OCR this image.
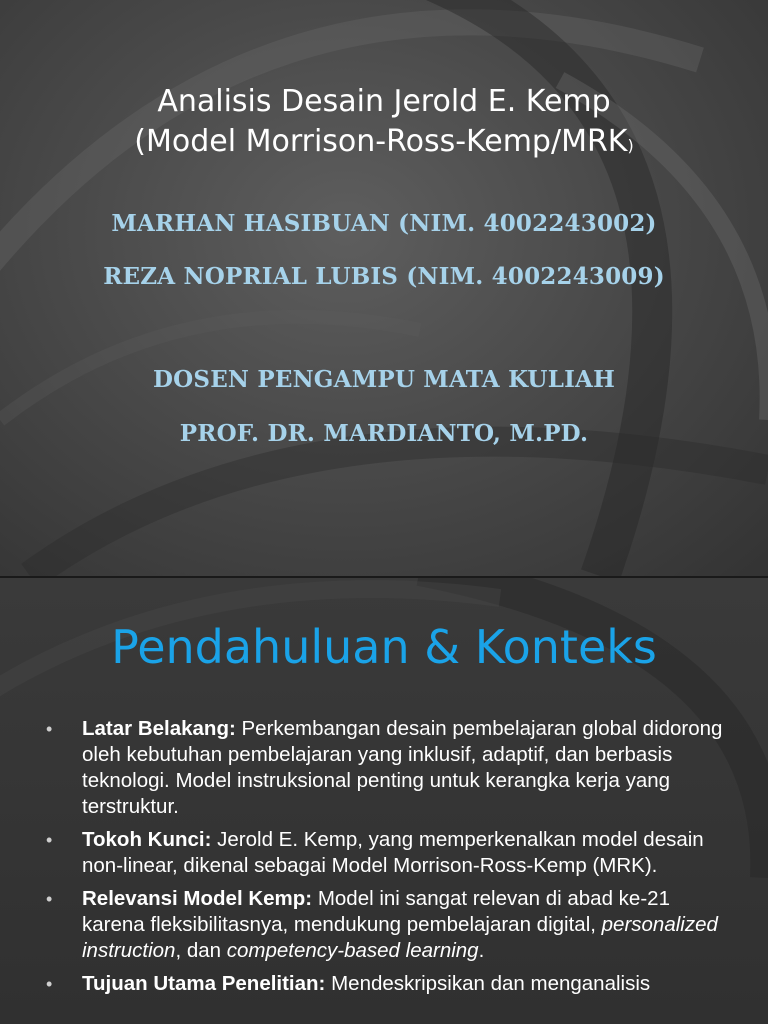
Analisis Desain Jerold E. Kemp
(Model Morrison-Ross-Kemp/MRK)
MARHAN HASIBUAN (NIM. 4002243002)
REZA NOPRIAL LUBIS (NIM. 4002243009)
DOSEN PENGAMPU MATA KULIAH
PROF. DR. MARDIANTO, M.PD.
Pendahuluan & Konteks
• Latar Belakang: Perkembangan desain pembelajaran global didorong oleh kebutuhan pembelajaran yang inklusif, adaptif, dan berbasis teknologi. Model instruksional penting untuk kerangka kerja yang terstruktur.
• Tokoh Kunci: Jerold E. Kemp, yang memperkenalkan model desain non-linear, dikenal sebagai Model Morrison-Ross-Kemp (MRK).
• Relevansi Model Kemp: Model ini sangat relevan di abad ke-21 karena fleksibilitasnya, mendukung pembelajaran digital, personalized instruction, dan competency-based learning.
• Tujuan Utama Penelitian: Mendeskripsikan dan menganalisis
